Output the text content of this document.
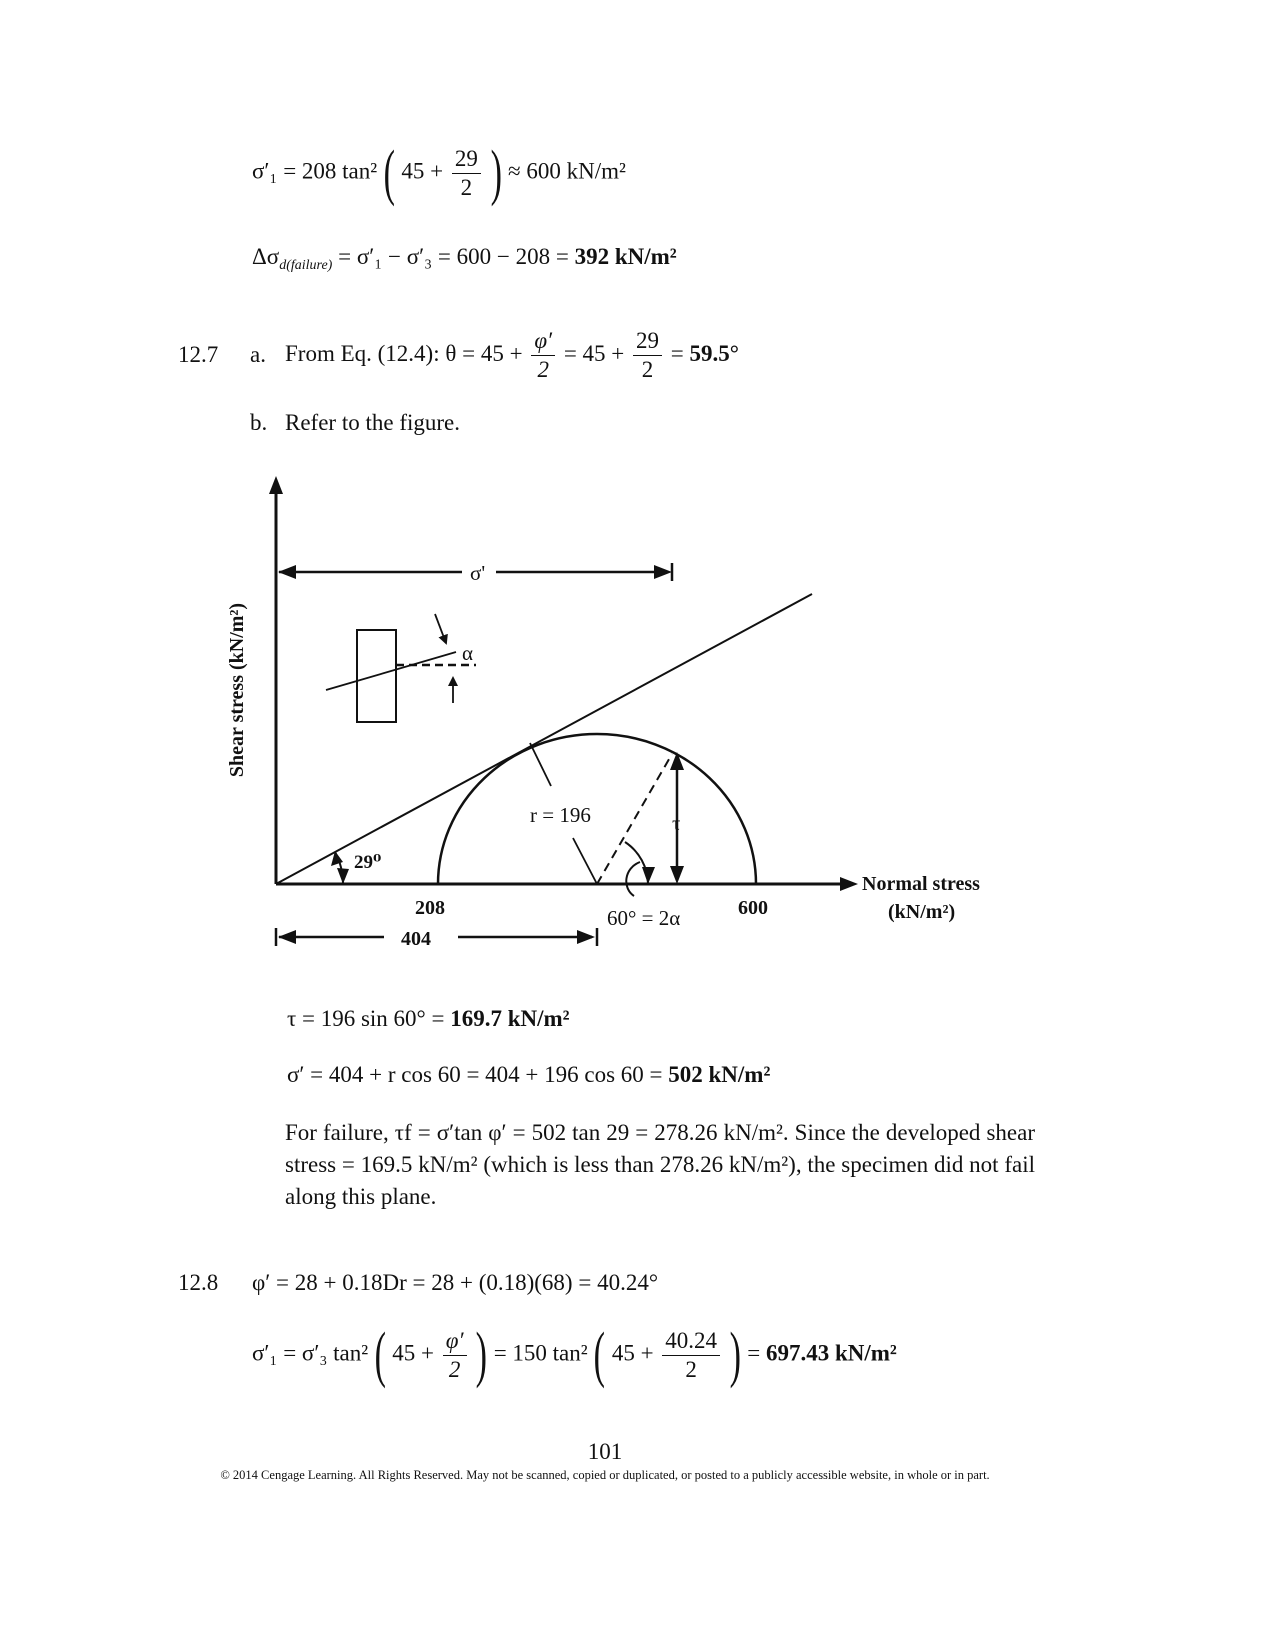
σ′₁ = 208 tan² ( $45 + \frac{29}{2}$ ) ≈ 600 kN/m²
$\Delta\sigma_{d(failure)} = \sigma'_1 - \sigma'_3 = 600 - 208 = 392$ kN/m²
12.7 a. From Eq. (12.4): $\theta = 45 + \frac{\varphi'}{2} = 45 + \frac{29}{2} = 59.5^\circ$
b. Refer to the figure.
σ'
α
Shear stress (kN/m²)
r = 196	τ
29⁰
208	600
60° = 2α
404
Normal stress
(kN/m²)
τ = 196 sin 60° = 169.7 kN/m²
σ′ = 404 + r cos 60 = 404 + 196 cos 60 = 502 kN/m²
For failure, τf = σ′tan φ′ = 502 tan 29 = 278.26 kN/m². Since the developed shear stress = 169.5 kN/m² (which is less than 278.26 kN/m²), the specimen did not fail along this plane.
12.8 φ′ = 28 + 0.18Dr = 28 + (0.18)(68) = 40.24°
σ′₁ = σ′₃ tan² ( $45 + \frac{\varphi'}{2}$ ) = 150 tan² ( $45 + \frac{40.24}{2}$ ) = 697.43 kN/m²
101
© 2014 Cengage Learning. All Rights Reserved. May not be scanned, copied or duplicated, or posted to a publicly accessible website, in whole or in part.
